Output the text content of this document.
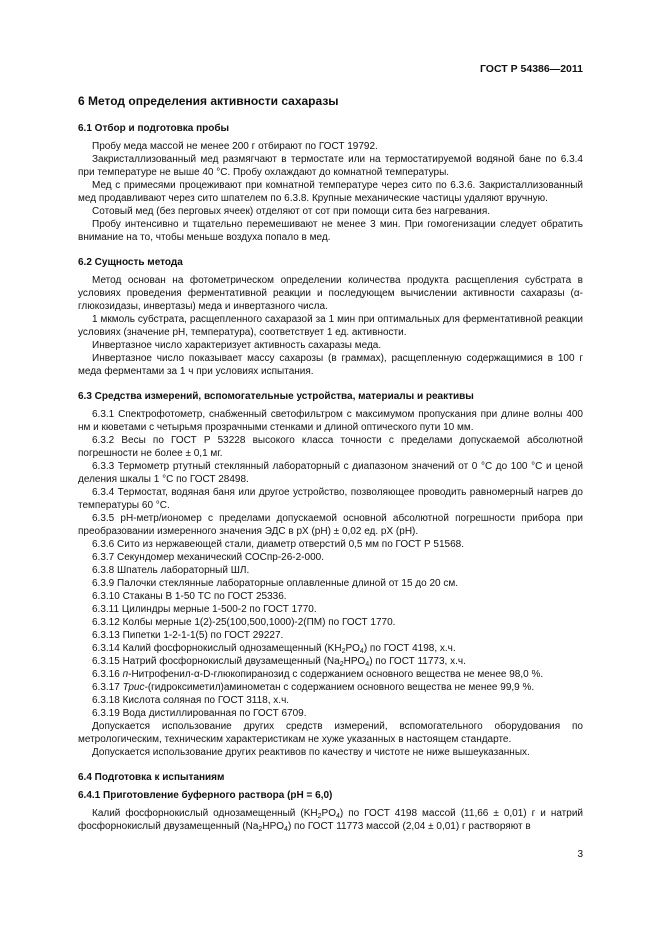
ГОСТ Р 54386—2011
6 Метод определения активности сахаразы
6.1 Отбор и подготовка пробы

Пробу меда массой не менее 200 г отбирают по ГОСТ 19792.

Закристаллизованный мед размягчают в термостате или на термостатируемой водяной бане по 6.3.4 при температуре не выше 40 °С. Пробу охлаждают до комнатной температуры.

Мед с примесями процеживают при комнатной температуре через сито по 6.3.6. Закристаллизованный мед продавливают через сито шпателем по 6.3.8. Крупные механические частицы удаляют вручную.

Сотовый мед (без перговых ячеек) отделяют от сот при помощи сита без нагревания.

Пробу интенсивно и тщательно перемешивают не менее 3 мин. При гомогенизации следует обратить внимание на то, чтобы меньше воздуха попало в мед.

6.2 Сущность метода

Метод основан на фотометрическом определении количества продукта расщепления субстрата в условиях проведения ферментативной реакции и последующем вычислении активности сахаразы (α-глюкозидазы, инвертазы) меда и инвертазного числа.

1 мкмоль субстрата, расщепленного сахаразой за 1 мин при оптимальных для ферментативной реакции условиях (значение pH, температура), соответствует 1 ед. активности.

Инвертазное число характеризует активность сахаразы меда.

Инвертазное число показывает массу сахарозы (в граммах), расщепленную содержащимися в 100 г меда ферментами за 1 ч при условиях испытания.

6.3 Средства измерений, вспомогательные устройства, материалы и реактивы

6.3.1 Спектрофотометр, снабженный светофильтром с максимумом пропускания при длине волны 400 нм и кюветами с четырьмя прозрачными стенками и длиной оптического пути 10 мм.

6.3.2 Весы по ГОСТ Р 53228 высокого класса точности с пределами допускаемой абсолютной погрешности не более ± 0,1 мг.

6.3.3 Термометр ртутный стеклянный лабораторный с диапазоном значений от 0 °С до 100 °С и ценой деления шкалы 1 °С по ГОСТ 28498.

6.3.4 Термостат, водяная баня или другое устройство, позволяющее проводить равномерный нагрев до температуры 60 °С.

6.3.5 pH-метр/иономер с пределами допускаемой основной абсолютной погрешности прибора при преобразовании измеренного значения ЭДС в pX (pH) ± 0,02 ед. pX (pH).

6.3.6 Сито из нержавеющей стали, диаметр отверстий 0,5 мм по ГОСТ Р 51568.

6.3.7 Секундомер механический СОСпр-26-2-000.

6.3.8 Шпатель лабораторный ШЛ.

6.3.9 Палочки стеклянные лабораторные оплавленные длиной от 15 до 20 см.

6.3.10 Стаканы В 1-50 ТС по ГОСТ 25336.

6.3.11 Цилиндры мерные 1-500-2 по ГОСТ 1770.

6.3.12 Колбы мерные 1(2)-25(100,500,1000)-2(ПМ) по ГОСТ 1770.

6.3.13 Пипетки 1-2-1-1(5) по ГОСТ 29227.

6.3.14 Калий фосфорнокислый однозамещенный $(KH_2PO_4)$ по ГОСТ 4198, х.ч.

6.3.15 Натрий фосфорнокислый двузамещенный $(Na_2HPO_4)$ по ГОСТ 11773, х.ч.

6.3.16 п-Нитрофенил-α-D-глюкопиранозид с содержанием основного вещества не менее 98,0 %.

6.3.17 Трис-(гидроксиметил)аминометан с содержанием основного вещества не менее 99,9 %.

6.3.18 Кислота соляная по ГОСТ 3118, х.ч.

6.3.19 Вода дистиллированная по ГОСТ 6709.

Допускается использование других средств измерений, вспомогательного оборудования по метрологическим, техническим характеристикам не хуже указанных в настоящем стандарте.

Допускается использование других реактивов по качеству и чистоте не ниже вышеуказанных.

6.4 Подготовка к испытаниям
6.4.1 Приготовление буферного раствора (pH = 6,0)

Калий фосфорнокислый однозамещенный $(KH_2PO_4)$ по ГОСТ 4198 массой (11,66 ± 0,01) г и натрий фосфорнокислый двузамещенный $(Na_2HPO_4)$ по ГОСТ 11773 массой (2,04 ± 0,01) г растворяют в

3
